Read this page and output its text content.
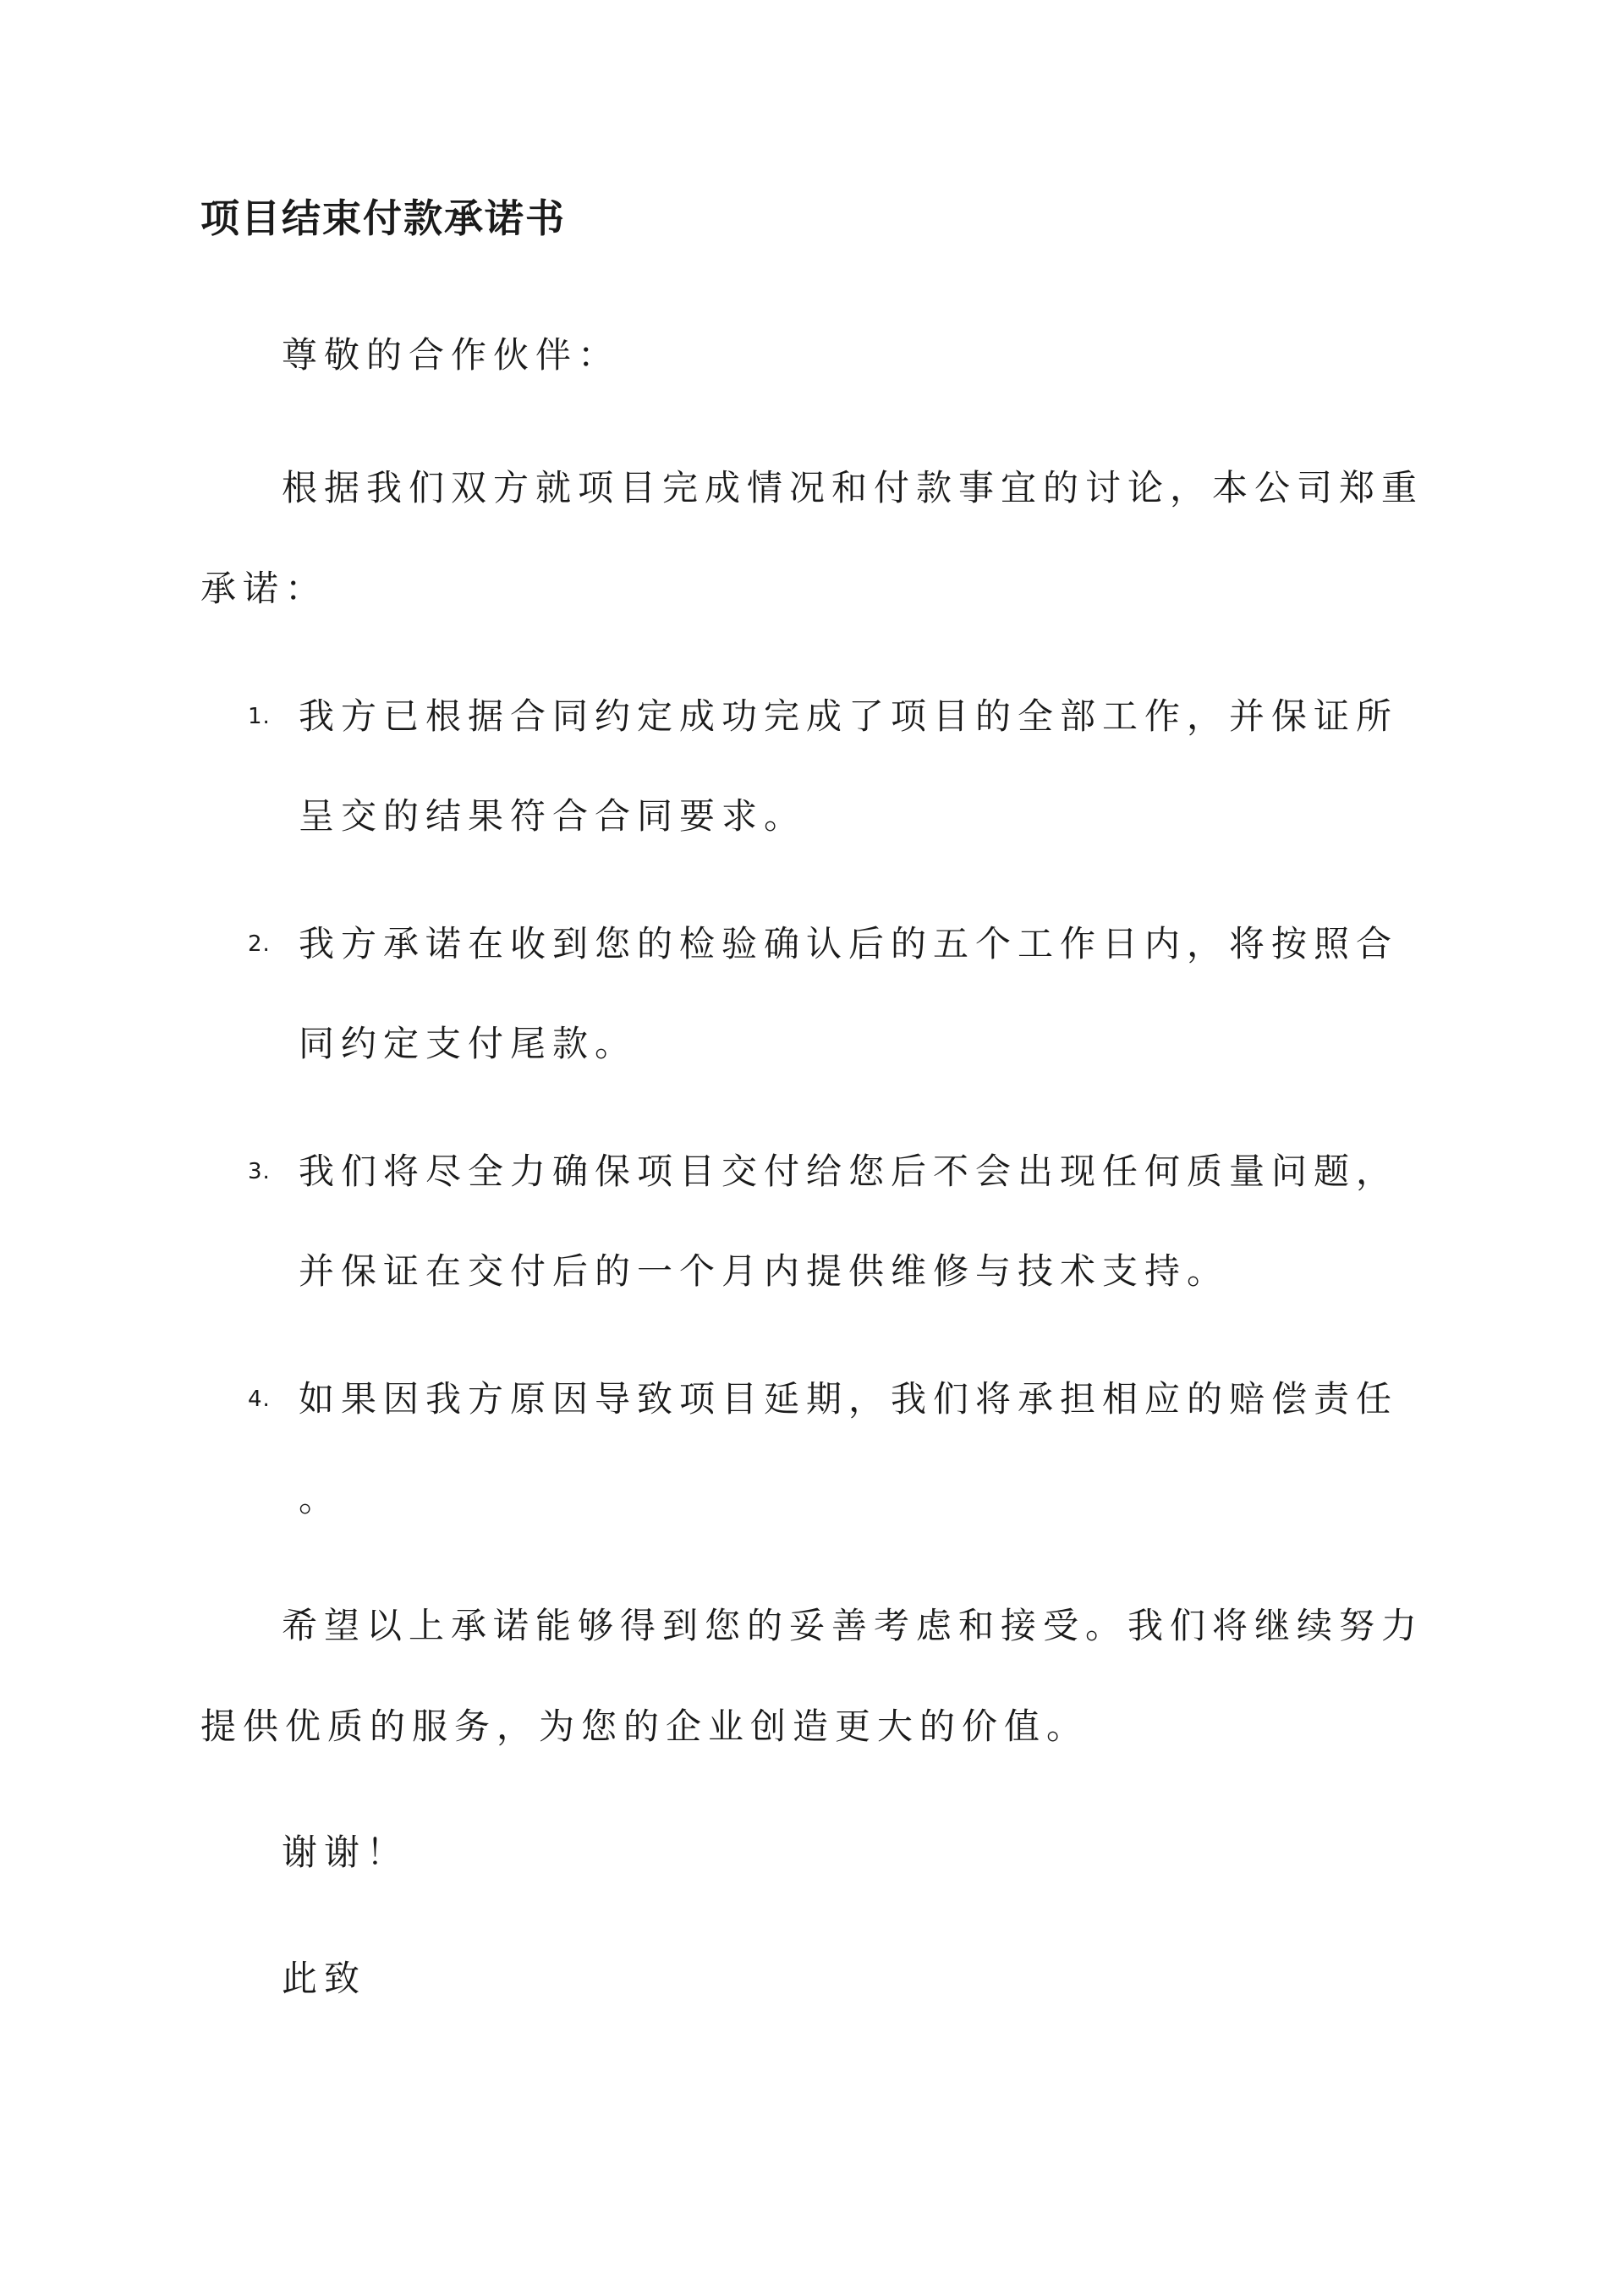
项目结束付款承诺书
尊敬的合作伙伴：
根据我们双方就项目完成情况和付款事宜的讨论，本公司郑重
承诺：
1. 我方已根据合同约定成功完成了项目的全部工作，并保证所
呈交的结果符合合同要求。
2. 我方承诺在收到您的检验确认后的五个工作日内，将按照合
同约定支付尾款。
3. 我们将尽全力确保项目交付给您后不会出现任何质量问题，
并保证在交付后的一个月内提供维修与技术支持。
4. 如果因我方原因导致项目延期，我们将承担相应的赔偿责任
。
希望以上承诺能够得到您的妥善考虑和接受。我们将继续努力
提供优质的服务，为您的企业创造更大的价值。
谢谢！
此致
